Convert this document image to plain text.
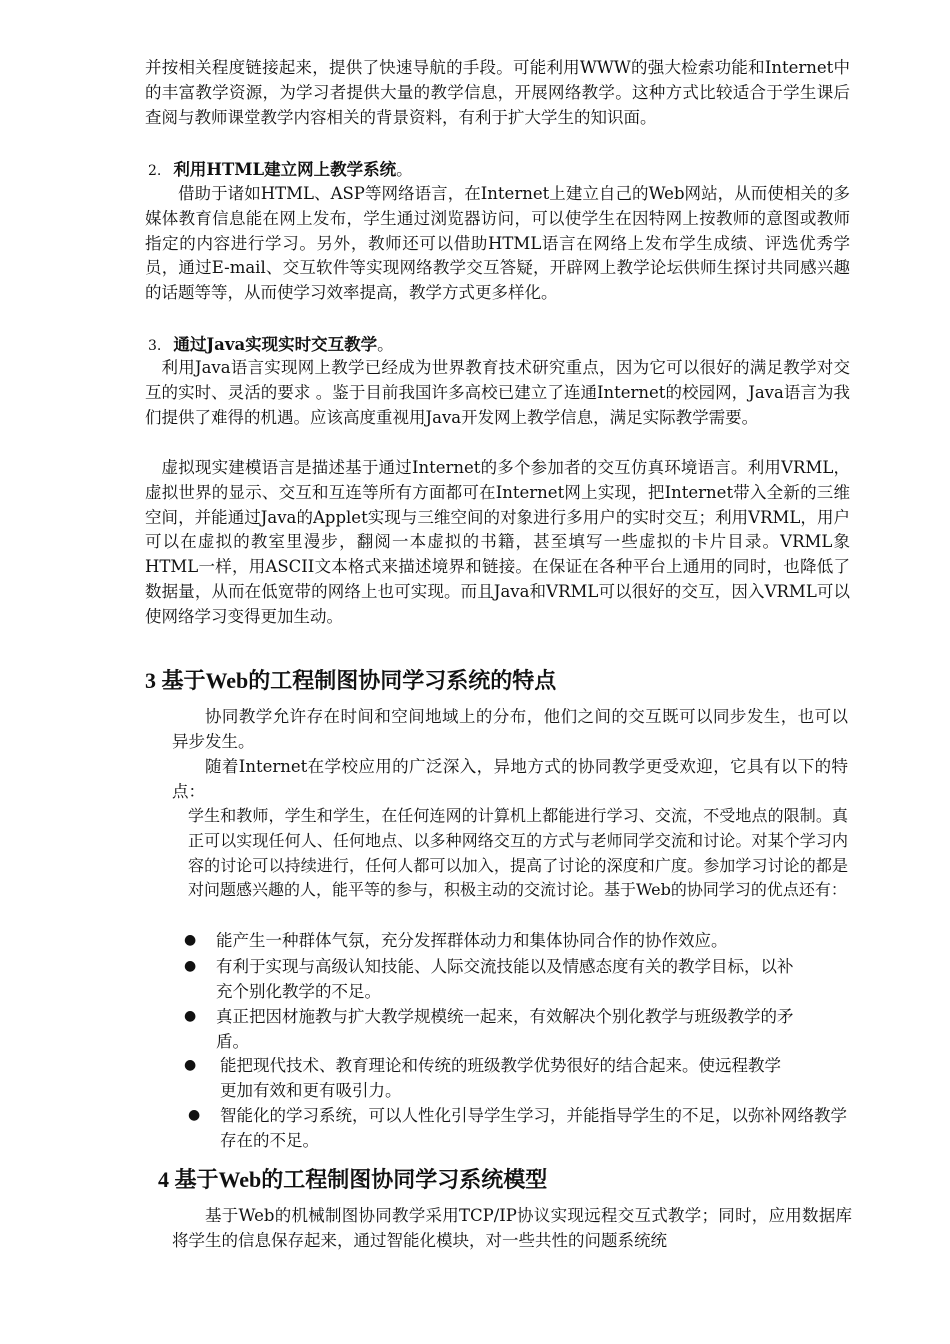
并按相关程度链接起来，提供了快速导航的手段。可能利用WWW的强大检索功能和Internet中的丰富教学资源，为学习者提供大量的教学信息，开展网络教学。这种方式比较适合于学生课后查阅与教师课堂教学内容相关的背景资料，有利于扩大学生的知识面。

2. 利用HTML建立网上教学系统。

借助于诸如HTML、ASP等网络语言，在Internet上建立自己的Web网站，从而使相关的多媒体教育信息能在网上发布，学生通过浏览器访问，可以使学生在因特网上按教师的意图或教师指定的内容进行学习。另外，教师还可以借助HTML语言在网络上发布学生成绩、评选优秀学员，通过E-mail、交互软件等实现网络教学交互答疑，开辟网上教学论坛供师生探讨共同感兴趣的话题等等，从而使学习效率提高，教学方式更多样化。

3. 通过Java实现实时交互教学。

利用Java语言实现网上教学已经成为世界教育技术研究重点，因为它可以很好的满足教学对交互的实时、灵活的要求 。鉴于目前我国许多高校已建立了连通Internet的校园网，Java语言为我们提供了难得的机遇。应该高度重视用Java开发网上教学信息，满足实际教学需要。

虚拟现实建模语言是描述基于通过Internet的多个参加者的交互仿真环境语言。利用VRML，虚拟世界的显示、交互和互连等所有方面都可在Internet网上实现，把Internet带入全新的三维空间，并能通过Java的Applet实现与三维空间的对象进行多用户的实时交互；利用VRML，用户可以在虚拟的教室里漫步，翻阅一本虚拟的书籍，甚至填写一些虚拟的卡片目录。VRML象HTML一样，用ASCII文本格式来描述境界和链接。在保证在各种平台上通用的同时，也降低了数据量，从而在低宽带的网络上也可实现。而且Java和VRML可以很好的交互，因入VRML可以使网络学习变得更加生动。

3 基于Web的工程制图协同学习系统的特点

协同教学允许存在时间和空间地域上的分布，他们之间的交互既可以同步发生，也可以异步发生。

随着Internet在学校应用的广泛深入，异地方式的协同教学更受欢迎，它具有以下的特点：

学生和教师，学生和学生，在任何连网的计算机上都能进行学习、交流，不受地点的限制。真正可以实现任何人、任何地点、以多种网络交互的方式与老师同学交流和讨论。对某个学习内容的讨论可以持续进行，任何人都可以加入，提高了讨论的深度和广度。参加学习讨论的都是对问题感兴趣的人，能平等的参与，积极主动的交流讨论。基于Web的协同学习的优点还有：

●	能产生一种群体气氛，充分发挥群体动力和集体协同合作的协作效应。
●	有利于实现与高级认知技能、人际交流技能以及情感态度有关的教学目标，以补充个别化教学的不足。
●	真正把因材施教与扩大教学规模统一起来，有效解决个别化教学与班级教学的矛盾。
●	能把现代技术、教育理论和传统的班级教学优势很好的结合起来。使远程教学更加有效和更有吸引力。
●	智能化的学习系统，可以人性化引导学生学习，并能指导学生的不足，以弥补网络教学存在的不足。
4 基于Web的工程制图协同学习系统模型

基于Web的机械制图协同教学采用TCP/IP协议实现远程交互式教学；同时，应用数据库将学生的信息保存起来，通过智能化模块，对一些共性的问题系统统
